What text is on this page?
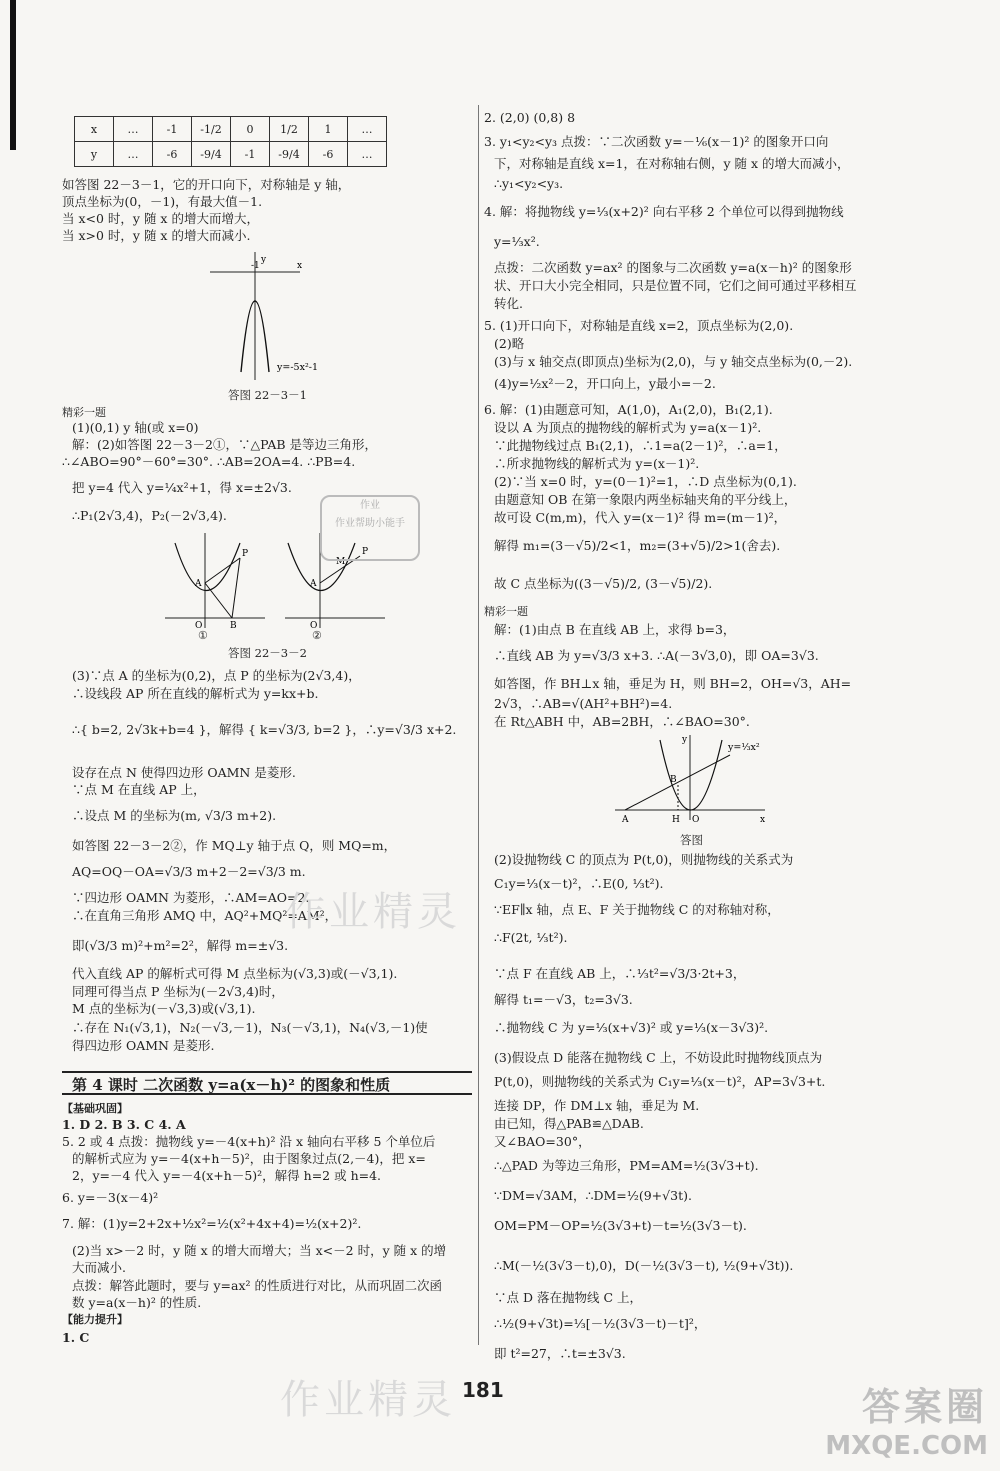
x	…	-1	-1/2	0	1/2	1	…
y	…	-6	-9/4	-1	-9/4	-6	…
如答图 22－3－1，它的开口向下，对称轴是 y 轴，
顶点坐标为(0，－1)，有最大值－1.
当 x<0 时，y 随 x 的增大而增大，
当 x>0 时，y 随 x 的增大而减小.
-1
y
x
y=-5x²-1
答图 22－3－1
精彩一题
(1)(0,1) y 轴(或 x=0)
解：(2)如答图 22－3－2①，∵△PAB 是等边三角形，
∴∠ABO=90°－60°=30°. ∴AB=2OA=4. ∴PB=4.
把 y=4 代入 y=¼x²+1，得 x=±2√3.
∴P₁(2√3,4)，P₂(－2√3,4).
P
A
B
O
P
M
A
O
答图 22－3－2
①	②
(3)∵点 A 的坐标为(0,2)，点 P 的坐标为(2√3,4)，
∴设线段 AP 所在直线的解析式为 y=kx+b.
∴{ b=2, 2√3k+b=4 }，解得 { k=√3/3, b=2 }，∴y=√3/3 x+2.
设存在点 N 使得四边形 OAMN 是菱形.
∵点 M 在直线 AP 上，
∴设点 M 的坐标为(m, √3/3 m+2).
如答图 22－3－2②，作 MQ⊥y 轴于点 Q，则 MQ=m，
AQ=OQ－OA=√3/3 m+2－2=√3/3 m.
∵四边形 OAMN 为菱形，∴AM=AO=2.
∴在直角三角形 AMQ 中，AQ²+MQ²=AM²，
即(√3/3 m)²+m²=2²，解得 m=±√3.
代入直线 AP 的解析式可得 M 点坐标为(√3,3)或(－√3,1).
同理可得当点 P 坐标为(－2√3,4)时，
M 点的坐标为(－√3,3)或(√3,1).
∴存在 N₁(√3,1)，N₂(－√3,－1)，N₃(－√3,1)，N₄(√3,－1)使
得四边形 OAMN 是菱形.
第 4 课时 二次函数 y=a(x－h)² 的图象和性质
【基础巩固】
1. D 2. B 3. C 4. A
5. 2 或 4 点拨：抛物线 y=－4(x+h)² 沿 x 轴向右平移 5 个单位后
的解析式应为 y=－4(x+h－5)²，由于图象过点(2,－4)，把 x=
2，y=－4 代入 y=－4(x+h－5)²，解得 h=2 或 h=4.
6. y=－3(x－4)²
7. 解：(1)y=2+2x+½x²=½(x²+4x+4)=½(x+2)².
(2)当 x>－2 时，y 随 x 的增大而增大；当 x<－2 时，y 随 x 的增
大而减小.
点拨：解答此题时，要与 y=ax² 的性质进行对比，从而巩固二次函
数 y=a(x－h)² 的性质.
【能力提升】
1. C
2. (2,0) (0,8) 8
3. y₁<y₂<y₃ 点拨：∵二次函数 y=－⅙(x－1)² 的图象开口向
下，对称轴是直线 x=1，在对称轴右侧，y 随 x 的增大而减小，
∴y₁<y₂<y₃.
4. 解：将抛物线 y=⅓(x+2)² 向右平移 2 个单位可以得到抛物线
y=⅓x².
点拨：二次函数 y=ax² 的图象与二次函数 y=a(x－h)² 的图象形
状、开口大小完全相同，只是位置不同，它们之间可通过平移相互
转化.
5. (1)开口向下，对称轴是直线 x=2，顶点坐标为(2,0).
(2)略
(3)与 x 轴交点(即顶点)坐标为(2,0)，与 y 轴交点坐标为(0,－2).
(4)y=½x²－2，开口向上，y最小=－2.
6. 解：(1)由题意可知，A(1,0)，A₁(2,0)，B₁(2,1).
设以 A 为顶点的抛物线的解析式为 y=a(x－1)².
∵此抛物线过点 B₁(2,1)，∴1=a(2－1)²，∴a=1，
∴所求抛物线的解析式为 y=(x－1)².
(2)∵当 x=0 时，y=(0－1)²=1，∴D 点坐标为(0,1).
由题意知 OB 在第一象限内两坐标轴夹角的平分线上，
故可设 C(m,m)，代入 y=(x－1)² 得 m=(m－1)²，
解得 m₁=(3－√5)/2<1，m₂=(3+√5)/2>1(舍去).
故 C 点坐标为((3－√5)/2, (3－√5)/2).
精彩一题
解：(1)由点 B 在直线 AB 上，求得 b=3，
∴直线 AB 为 y=√3/3 x+3. ∴A(－3√3,0)，即 OA=3√3.
如答图，作 BH⊥x 轴，垂足为 H，则 BH=2，OH=√3，AH=
2√3，∴AB=√(AH²+BH²)=4.
在 Rt△ABH 中，AB=2BH，∴∠BAO=30°.
A	H O	x
y
B
y=⅓x²
答图
(2)设抛物线 C 的顶点为 P(t,0)，则抛物线的关系式为
C₁y=⅓(x－t)²，∴E(0, ⅓t²).
∵EF∥x 轴，点 E、F 关于抛物线 C 的对称轴对称，
∴F(2t, ⅓t²).
∵点 F 在直线 AB 上，∴⅓t²=√3/3·2t+3，
解得 t₁=－√3，t₂=3√3.
∴抛物线 C 为 y=⅓(x+√3)² 或 y=⅓(x－3√3)².
(3)假设点 D 能落在抛物线 C 上，不妨设此时抛物线顶点为
P(t,0)，则抛物线的关系式为 C₁y=⅓(x－t)²，AP=3√3+t.
连接 DP，作 DM⊥x 轴，垂足为 M.
由已知，得△PAB≌△DAB.
又∠BAO=30°，
∴△PAD 为等边三角形，PM=AM=½(3√3+t).
∵DM=√3AM，∴DM=½(9+√3t).
OM=PM－OP=½(3√3+t)－t=½(3√3－t).
∴M(－½(3√3－t),0)，D(－½(3√3－t), ½(9+√3t)).
∵点 D 落在抛物线 C 上，
∴½(9+√3t)=⅓[－½(3√3－t)－t]²，
即 t²=27，∴t=±3√3.
作业
作业帮助小能手
作业精灵
作业精灵 181	答案圈
MXQE.COM
